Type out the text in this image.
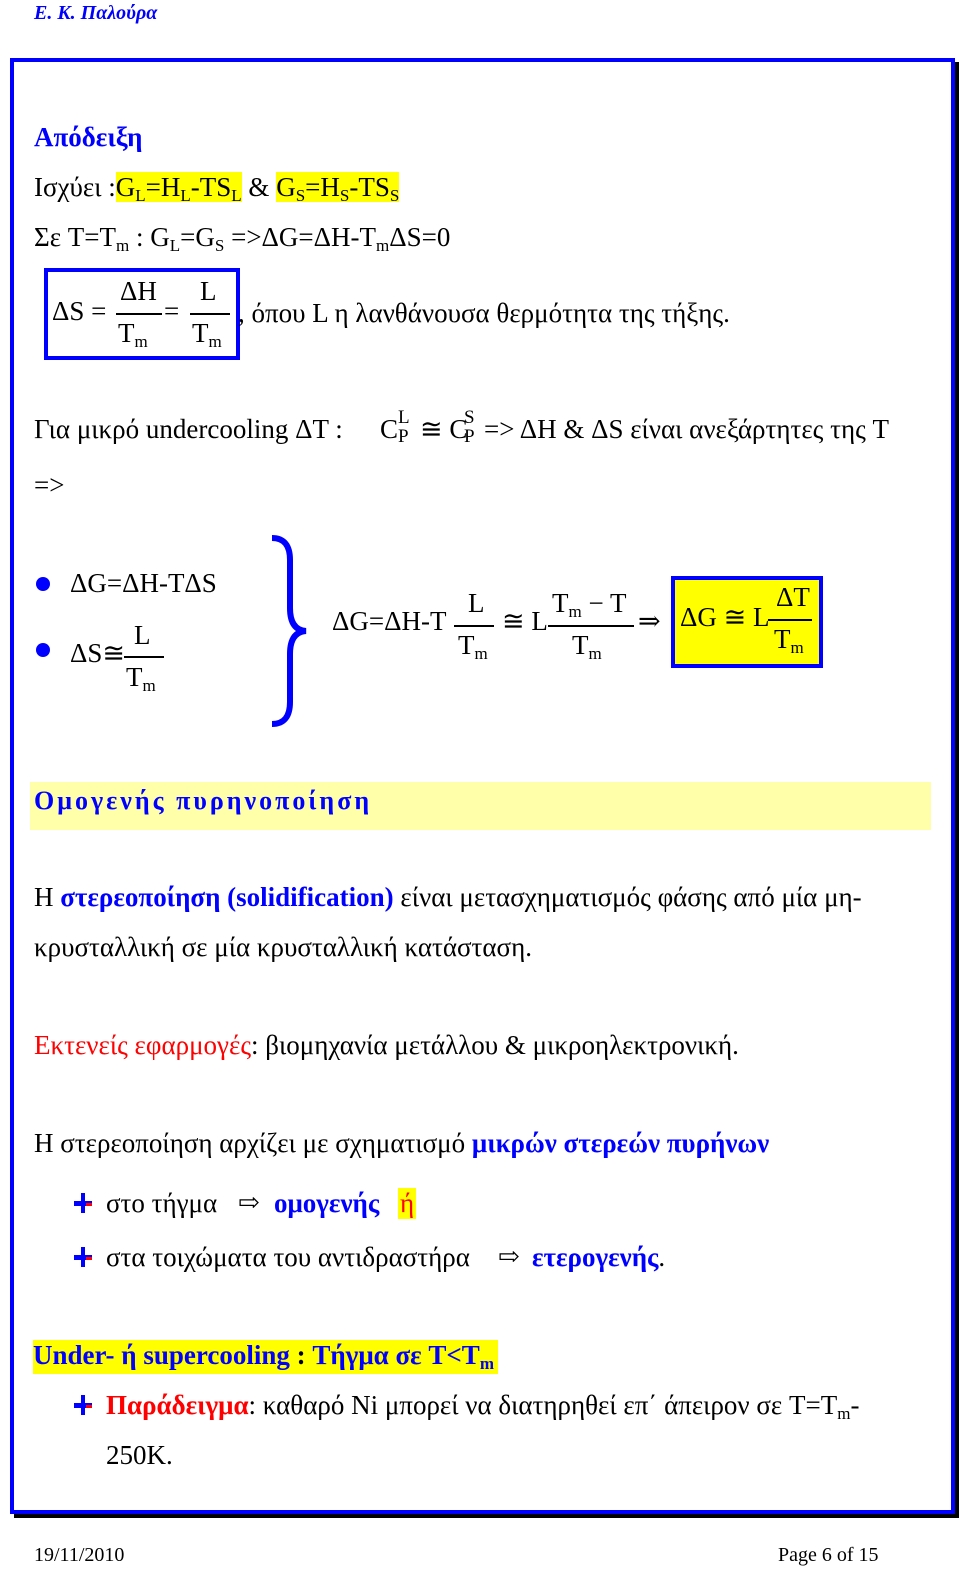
Ε. Κ. Παλούρα
Απόδειξη
Ισχύει $:G_L=H_L-TS_L$ & $G_S=H_S-TS_S$
Σε $T=T_m$ : $G_L=G_S =>\Delta G=\Delta H-T_m\Delta S=0$
ΔS =
ΔH
$T_m$
=
L
$T_m$
, όπου L η λανθάνουσα θερμότητα της τήξης.
Για μικρό undercooling ΔT : C L
P ≅ C
S
P => ΔH & ΔS είναι ανεξάρτητες της T
=>
ΔG=ΔH-TΔS
ΔS≅
L
$T_m$
ΔG=ΔH-T
L
$T_m$
≅ L
$T_m - T$
$T_m$
⇒ ΔG ≅ L
ΔT
$T_m$
Ομογενής πυρηνοποίηση
Η στερεοποίηση (solidification) είναι μετασχηματισμός φάσης από μία μη-
κρυσταλλική σε μία κρυσταλλική κατάσταση.
Εκτενείς εφαρμογές: βιομηχανία μετάλλου & μικροηλεκτρονική.
Η στερεοποίηση αρχίζει με σχηματισμό μικρών στερεών πυρήνων
στο τήγμα ⇨ ομογενής ή
στα τοιχώματα του αντιδραστήρα ⇨ ετερογενής.
Under- ή supercooling : Τήγμα σε $T<T_m$
Παράδειγμα: καθαρό Ni μπορεί να διατηρηθεί επ΄ άπειρον σε $T=T_m-$
250K.
19/11/2010	Page 6 of 15
